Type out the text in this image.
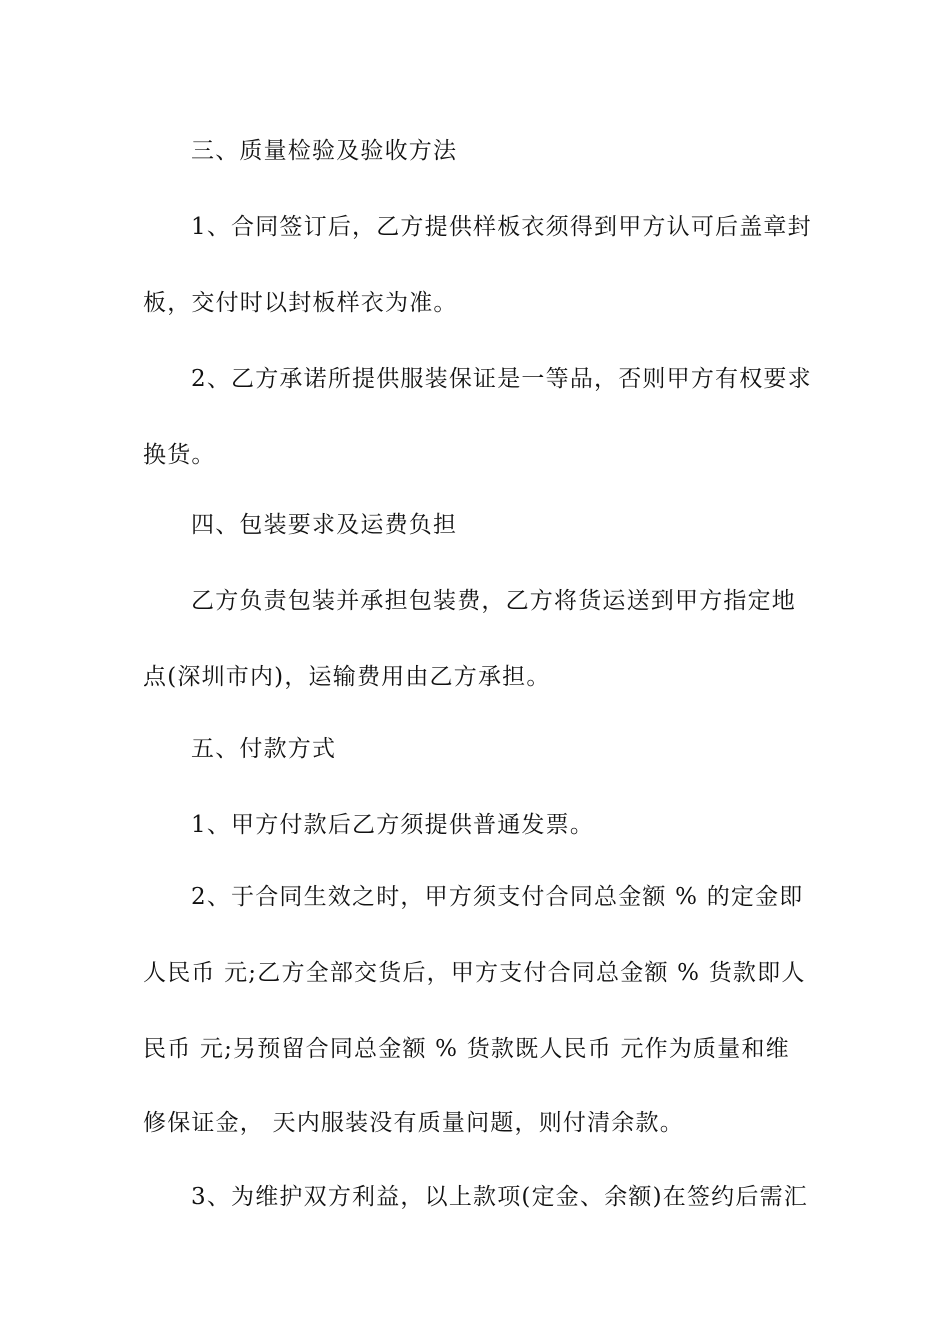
三、质量检验及验收方法
1、合同签订后，乙方提供样板衣须得到甲方认可后盖章封
板，交付时以封板样衣为准。
2、乙方承诺所提供服装保证是一等品，否则甲方有权要求
换货。
四、包装要求及运费负担
乙方负责包装并承担包装费，乙方将货运送到甲方指定地
点(深圳市内)，运输费用由乙方承担。
五、付款方式
1、甲方付款后乙方须提供普通发票。
2、于合同生效之时，甲方须支付合同总金额 % 的定金即
人民币 元;乙方全部交货后，甲方支付合同总金额 % 货款即人
民币 元;另预留合同总金额 % 货款既人民币 元作为质量和维
修保证金， 天内服装没有质量问题，则付清余款。
3、为维护双方利益，以上款项(定金、余额)在签约后需汇
